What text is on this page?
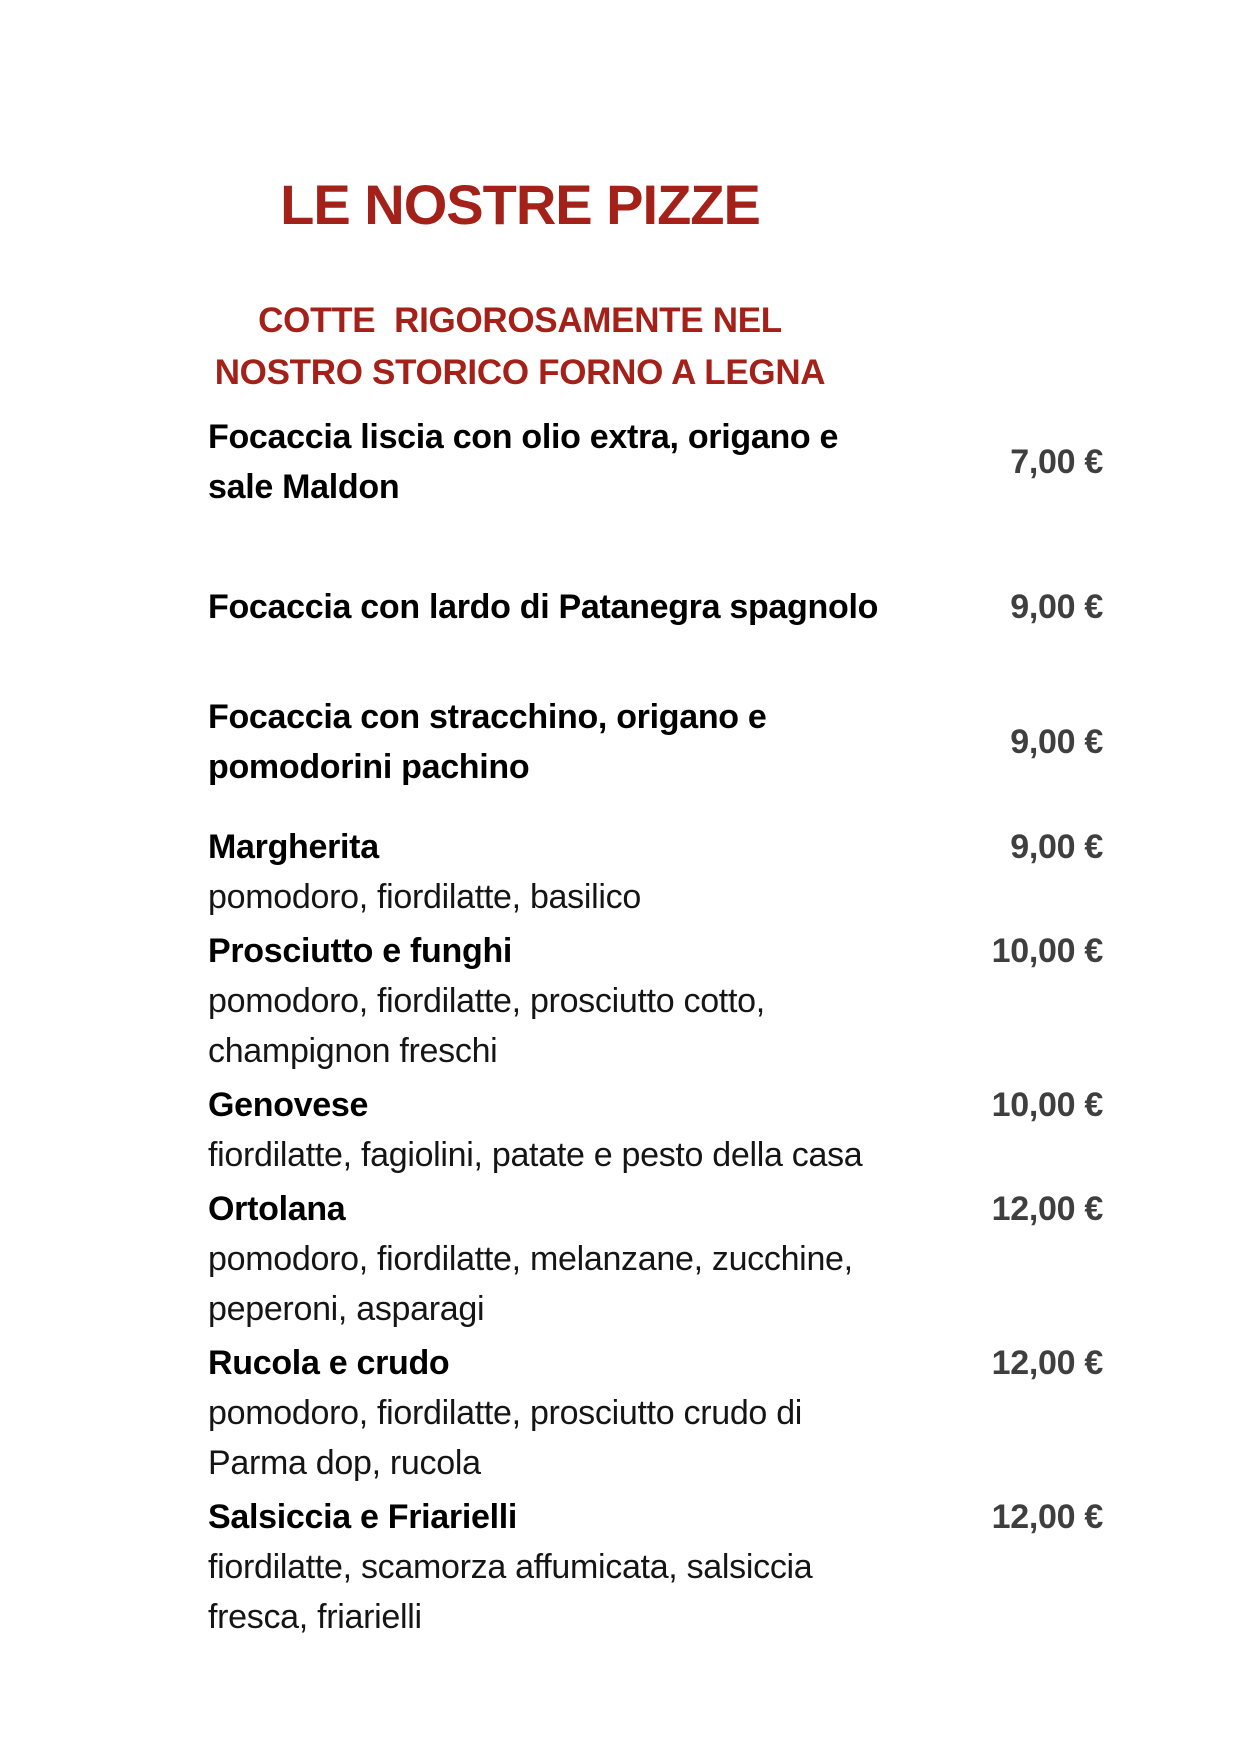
LE NOSTRE PIZZE
COTTE  RIGOROSAMENTE NEL
NOSTRO STORICO FORNO A LEGNA
Focaccia liscia con olio extra, origano e
sale Maldon
7,00 €
Focaccia con lardo di Patanegra spagnolo	9,00 €
Focaccia con stracchino, origano e
pomodorini pachino
9,00 €
Margherita
pomodoro, fiordilatte, basilico
9,00 €
Prosciutto e funghi
pomodoro, fiordilatte, prosciutto cotto,
champignon freschi
10,00 €
Genovese
fiordilatte, fagiolini, patate e pesto della casa
10,00 €
Ortolana
pomodoro, fiordilatte, melanzane, zucchine,
peperoni, asparagi
12,00 €
Rucola e crudo
pomodoro, fiordilatte, prosciutto crudo di
Parma dop, rucola
12,00 €
Salsiccia e Friarielli
fiordilatte, scamorza affumicata, salsiccia
fresca, friarielli
12,00 €
